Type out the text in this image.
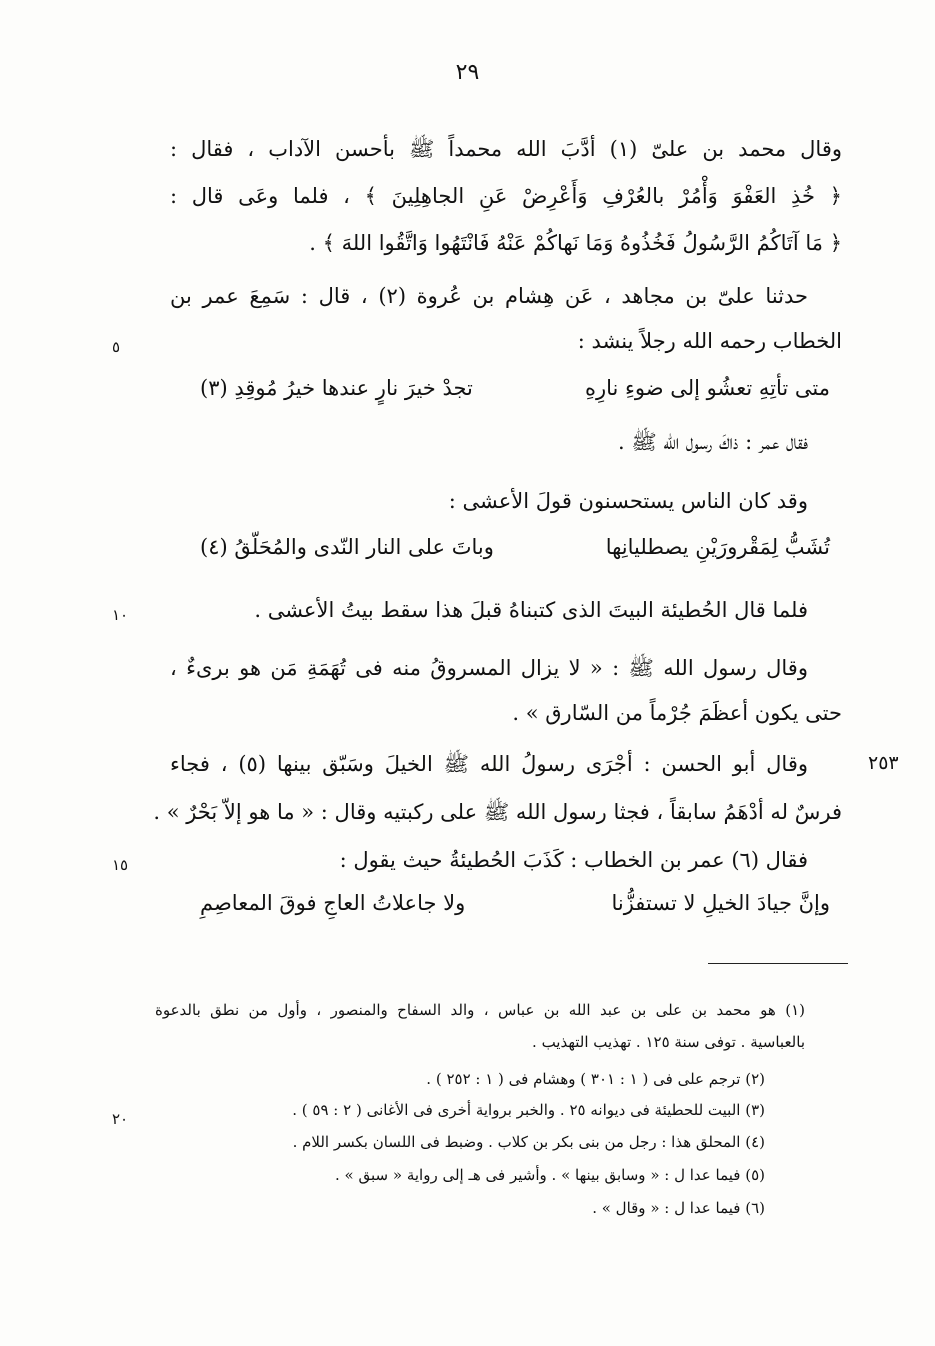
٢٩
وقال محمد بن علىّ (١) أدَّبَ الله محمداً ﷺ بأحسن الآداب ، فقال :
﴿ خُذِ العَفْوَ وَأْمُرْ بالعُرْفِ وَأَعْرِضْ عَنِ الجاهِلِينَ ﴾ ، فلما وعَى قال :
﴿ مَا آتَاكُمُ الرَّسُولُ فَخُذُوهُ وَمَا نَهاكُمْ عَنْهُ فَانْتَهُوا وَاتَّقُوا اللهَ ﴾ .
حدثنا علىّ بن مجاهد ، عَن هِشام بن عُروة (٢) ، قال : سَمِعَ عمر بن
الخطاب رحمه الله رجلاً ينشد :
متى تأتِهِ تعشُو إلى ضوءِ نارِهِ
تجدْ خيرَ نارٍ عندها خيرُ مُوقِدِ (٣)
فقال عمر : ذاكَ رسول الله ﷺ .
وقد كان الناس يستحسنون قولَ الأعشى :
تُشَبُّ لِمَقْرورَيْنِ يصطليانِها
وباتَ على النار النّدى والمُحَلّقُ (٤)
فلما قال الحُطيئة البيتَ الذى كتبناهُ قبلَ هذا سقط بيتُ الأعشى .
وقال رسول الله ﷺ : « لا يزال المسروقُ منه فى تُهَمَةِ مَن هو برىءٌ ،
حتى يكون أعظَمَ جُرْماً من السّارق » .
وقال أبو الحسن : أجْرَى رسولُ الله ﷺ الخيلَ وسَبّق بينها (٥) ، فجاء
فرسٌ له أدْهَمُ سابقاً ، فجثا رسول الله ﷺ على ركبتيه وقال : « ما هو إلاّ بَحْرٌ » .
فقال (٦) عمر بن الخطاب : كَذَبَ الحُطيئةُ حيث يقول :
وإنَّ جيادَ الخيلِ لا تستفزُّنا
ولا جاعلاتُ العاجِ فوقَ المعاصِمِ
٥
١٠
٢٥٣
١٥
٢٠
(١) هو محمد بن على بن عبد الله بن عباس ، والد السفاح والمنصور ، وأول من نطق بالدعوة
بالعباسية . توفى سنة ١٢٥ . تهذيب التهذيب .
(٢) ترجم على فى ( ١ : ٣٠١ ) وهشام فى ( ١ : ٢٥٢ ) .
(٣) البيت للحطيئة فى ديوانه ٢٥ . والخبر برواية أخرى فى الأغانى ( ٢ : ٥٩ ) .
(٤) المحلق هذا : رجل من بنى بكر بن كلاب . وضبط فى اللسان بكسر اللام .
(٥) فيما عدا ل : « وسابق بينها » . وأشير فى هـ إلى رواية « سبق » .
(٦) فيما عدا ل : « وقال » .
